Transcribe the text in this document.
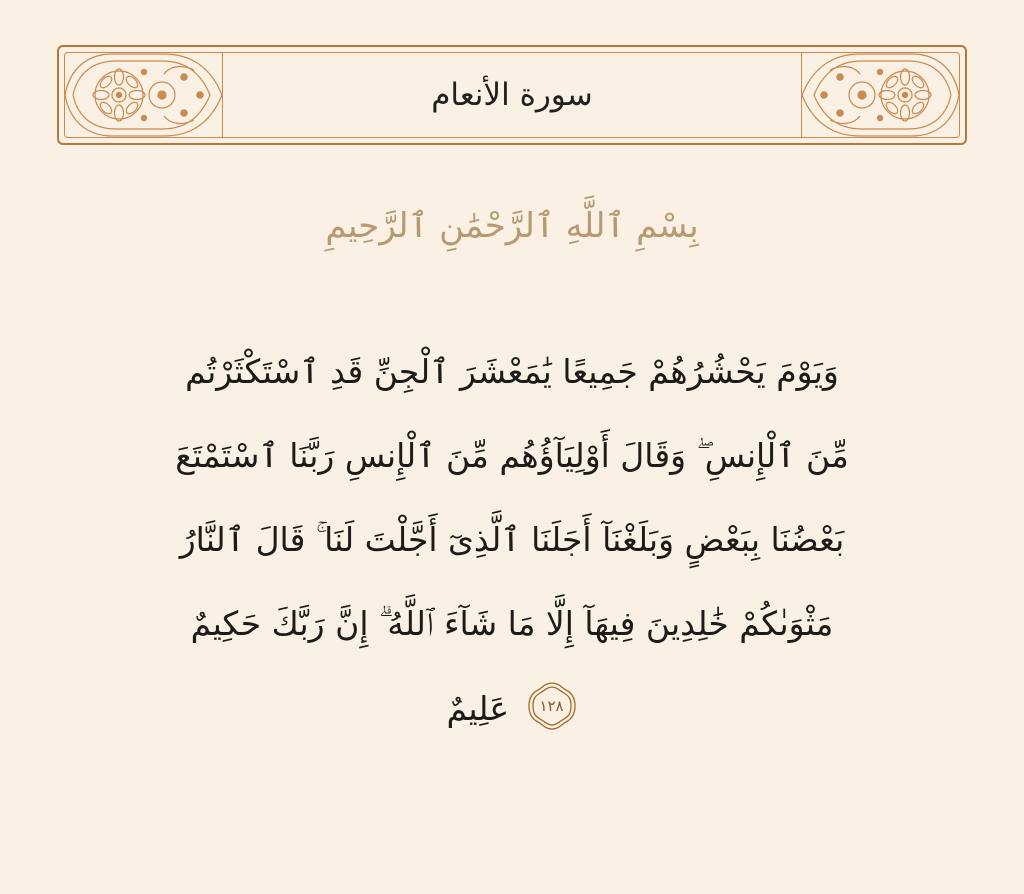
سورة الأنعام
بِسْمِ ٱللَّهِ ٱلرَّحْمَٰنِ ٱلرَّحِيمِ
وَيَوْمَ يَحْشُرُهُمْ جَمِيعًا يَٰمَعْشَرَ ٱلْجِنِّ قَدِ ٱسْتَكْثَرْتُم
مِّنَ ٱلْإِنسِ ۖ وَقَالَ أَوْلِيَآؤُهُم مِّنَ ٱلْإِنسِ رَبَّنَا ٱسْتَمْتَعَ
بَعْضُنَا بِبَعْضٍ وَبَلَغْنَآ أَجَلَنَا ٱلَّذِىٓ أَجَّلْتَ لَنَا ۚ قَالَ ٱلنَّارُ
مَثْوَىٰكُمْ خَٰلِدِينَ فِيهَآ إِلَّا مَا شَآءَ ٱللَّهُ ۗ إِنَّ رَبَّكَ حَكِيمٌ
١٢٨
عَلِيمٌ
